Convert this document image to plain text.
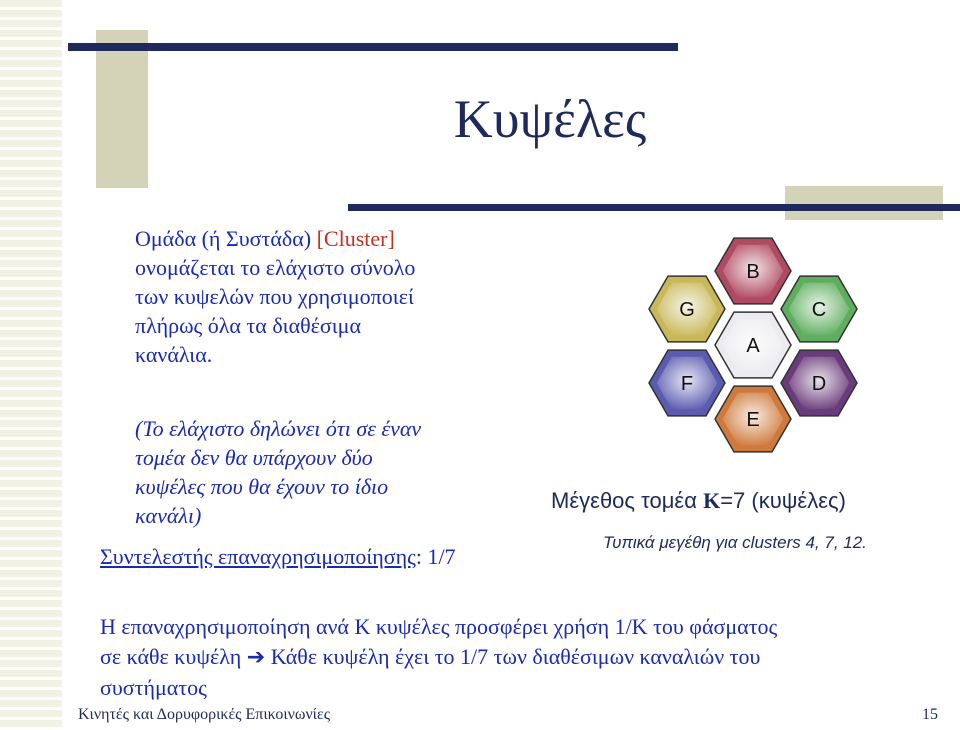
Κυψέλες
Ομάδα (ή Συστάδα) [Cluster]
ονομάζεται το ελάχιστο σύνολο
των κυψελών που χρησιμοποιεί
πλήρως όλα τα διαθέσιμα
κανάλια.
(Το ελάχιστο δηλώνει ότι σε έναν
τομέα δεν θα υπάρχουν δύο
κυψέλες που θα έχουν το ίδιο
κανάλι)
Συντελεστής επαναχρησιμοποίησης: 1/7
B
G	C
A
F	D
E
Μέγεθος τομέα K=7 (κυψέλες)
Τυπικά μεγέθη για clusters 4, 7, 12.
Η επαναχρησιμοποίηση ανά Κ κυψέλες προσφέρει χρήση 1/Κ του φάσματος
σε κάθε κυψέλη ➔ Κάθε κυψέλη έχει το 1/7 των διαθέσιμων καναλιών του
συστήματος
Κινητές και Δορυφορικές Επικοινωνίες	15
